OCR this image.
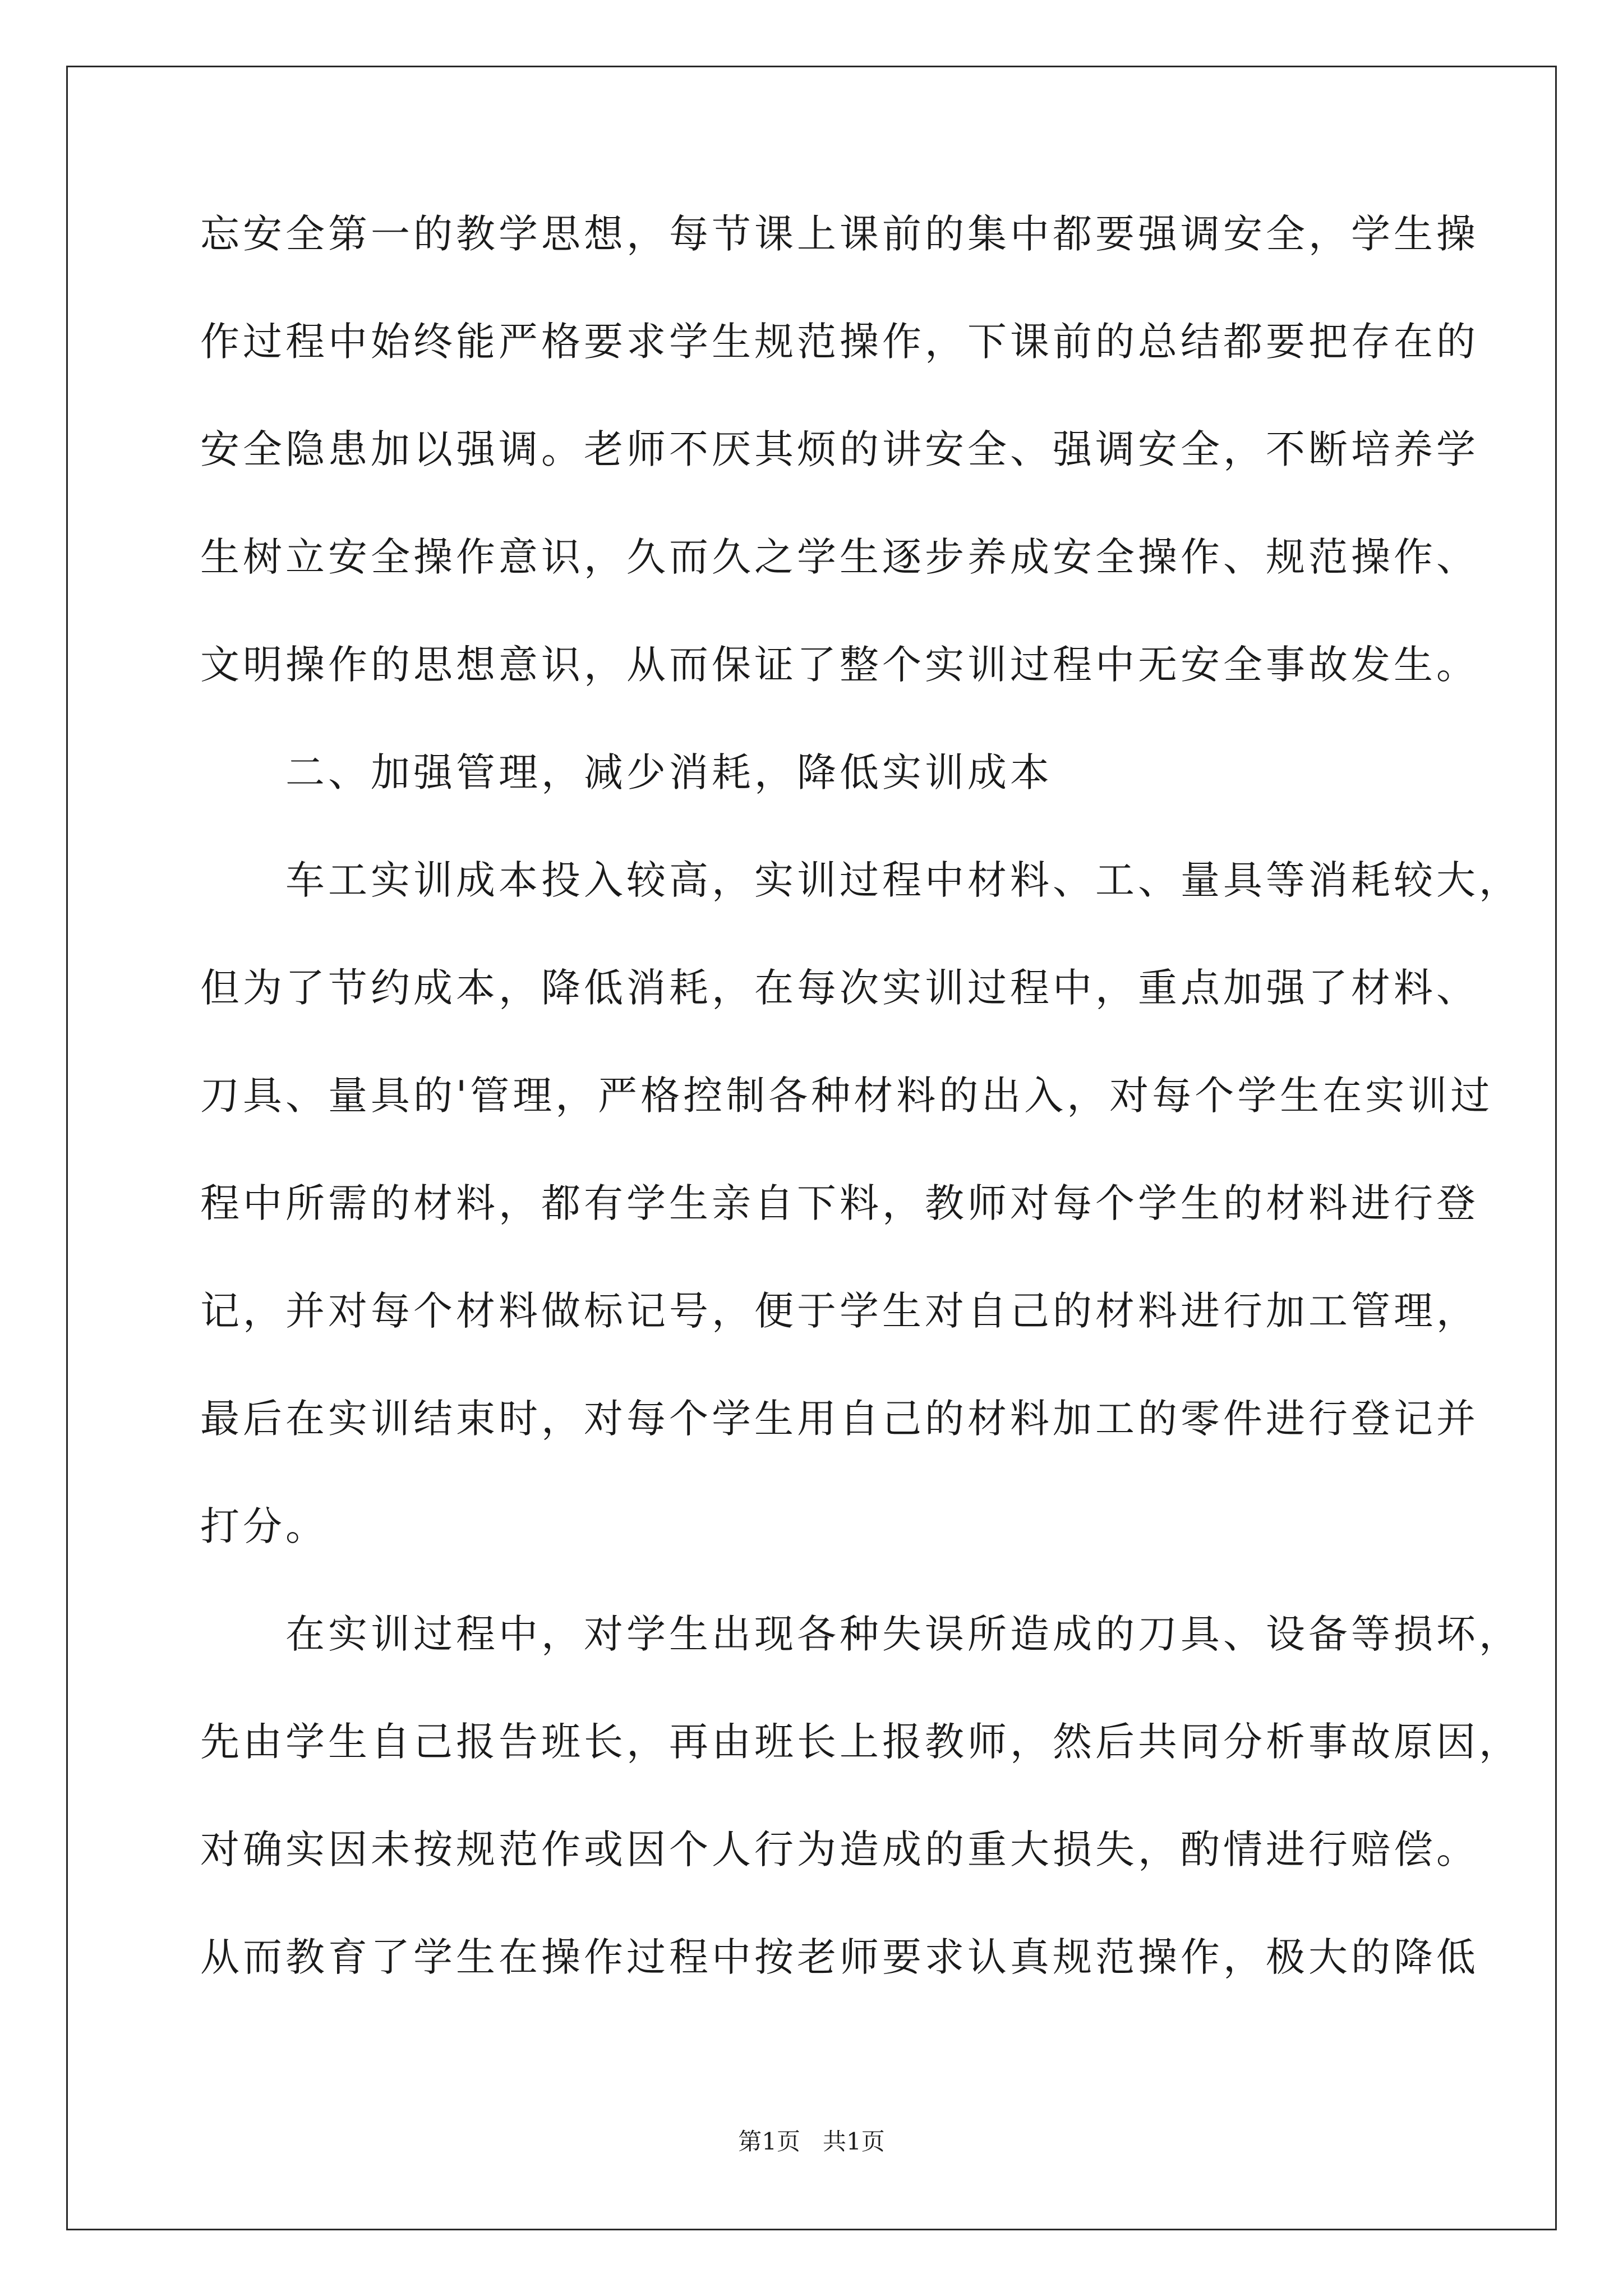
忘安全第一的教学思想，每节课上课前的集中都要强调安全，学生操
作过程中始终能严格要求学生规范操作，下课前的总结都要把存在的
安全隐患加以强调。老师不厌其烦的讲安全、强调安全，不断培养学
生树立安全操作意识，久而久之学生逐步养成安全操作、规范操作、
文明操作的思想意识，从而保证了整个实训过程中无安全事故发生。
　　二、加强管理，减少消耗，降低实训成本
　　车工实训成本投入较高，实训过程中材料、工、量具等消耗较大，
但为了节约成本，降低消耗，在每次实训过程中，重点加强了材料、
刀具、量具的'管理，严格控制各种材料的出入，对每个学生在实训过
程中所需的材料，都有学生亲自下料，教师对每个学生的材料进行登
记，并对每个材料做标记号，便于学生对自己的材料进行加工管理，
最后在实训结束时，对每个学生用自己的材料加工的零件进行登记并
打分。
　　在实训过程中，对学生出现各种失误所造成的刀具、设备等损坏，
先由学生自己报告班长，再由班长上报教师，然后共同分析事故原因，
对确实因未按规范作或因个人行为造成的重大损失，酌情进行赔偿。
从而教育了学生在操作过程中按老师要求认真规范操作，极大的降低
第1页 共1页
